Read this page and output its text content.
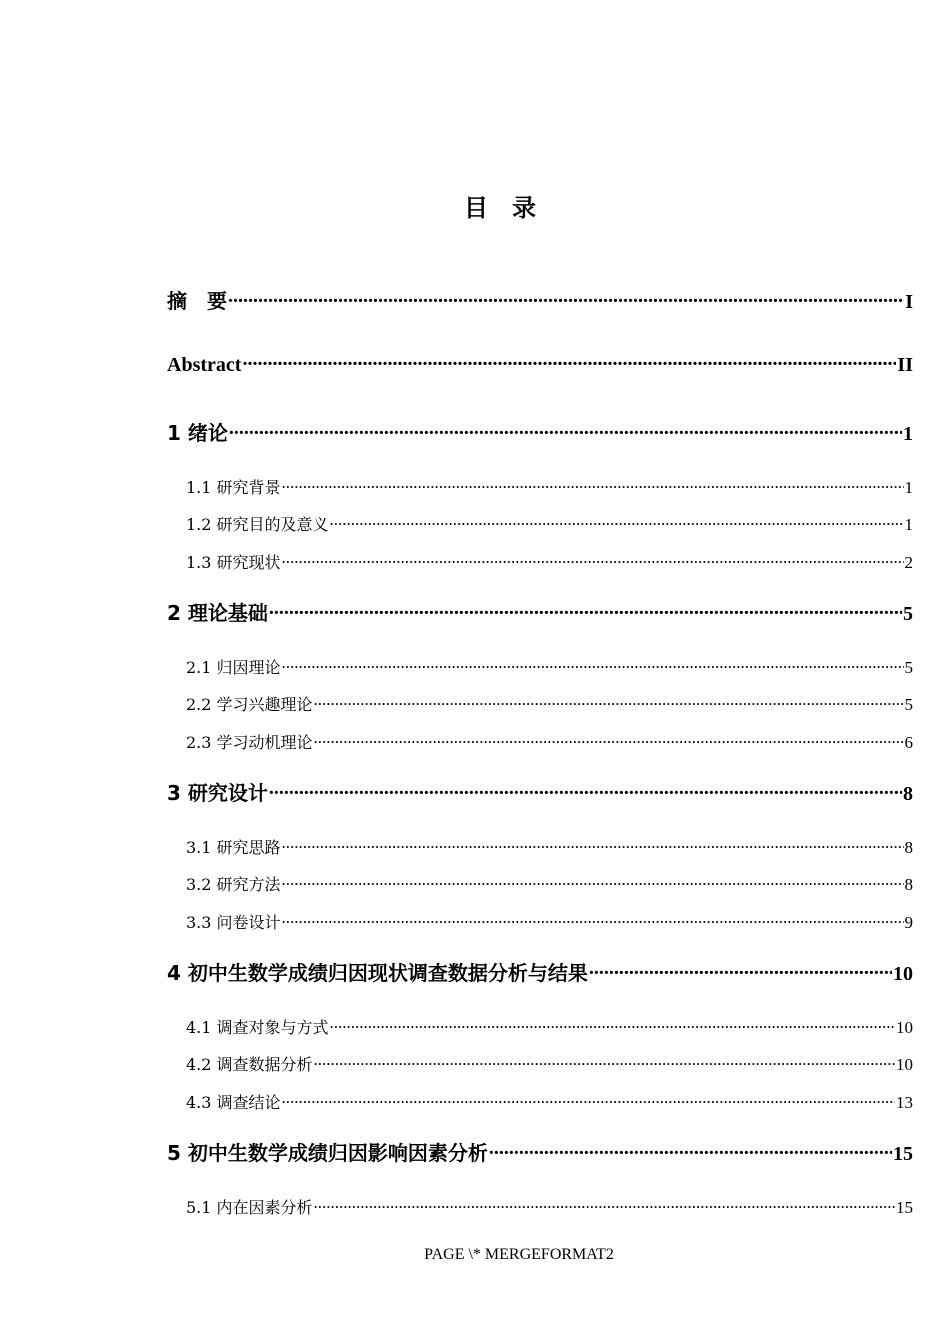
目　录
摘　要 .....	I
Abstract .....	II
1 绪论 .....	1
1.1 研究背景 .....	1
1.2 研究目的及意义 .....	1
1.3 研究现状 .....	2
2 理论基础 .....	5
2.1 归因理论 .....	5
2.2 学习兴趣理论 .....	5
2.3 学习动机理论 .....	6
3 研究设计 .....	8
3.1 研究思路 .....	8
3.2 研究方法 .....	8
3.3 问卷设计 .....	9
4 初中生数学成绩归因现状调查数据分析与结果 .....	10
4.1 调查对象与方式 .....	10
4.2 调查数据分析 .....	10
4.3 调查结论 .....	13
5 初中生数学成绩归因影响因素分析 .....	15
5.1 内在因素分析 .....	15
PAGE \* MERGEFORMAT2
